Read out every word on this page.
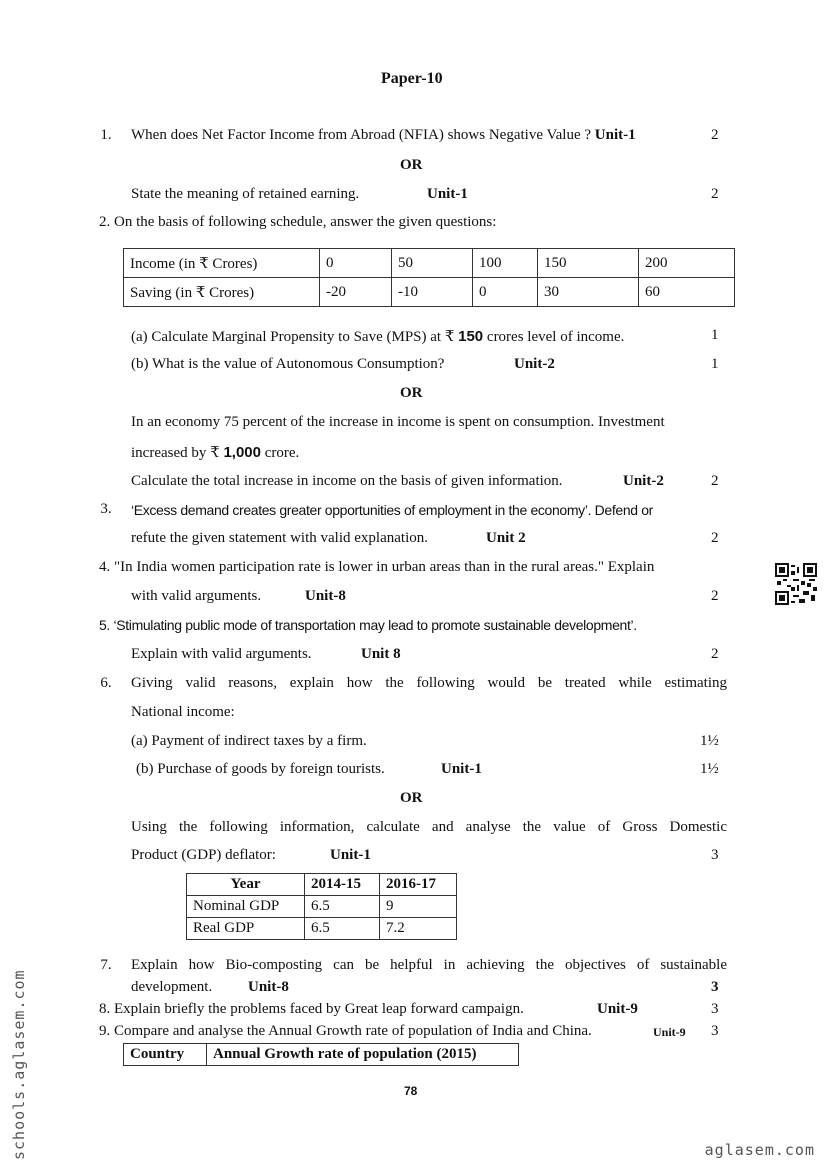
Paper-10
1. When does Net Factor Income from Abroad (NFIA) shows Negative Value ? Unit-1	2
OR
State the meaning of retained earning.	Unit-1	2
2. On the basis of following schedule, answer the given questions:
Income (in ₹ Crores)	0	50	100	150	200
Saving (in ₹ Crores)	-20	-10	0	30	60
(a) Calculate Marginal Propensity to Save (MPS) at ₹ 150 crores level of income.	1
(b) What is the value of Autonomous Consumption?	Unit-2	1
OR
In an economy 75 percent of the increase in income is spent on consumption. Investment
increased by ₹ 1,000 crore.
Calculate the total increase in income on the basis of given information.	Unit-2	2
3.	‘Excess demand creates greater opportunities of employment in the economy’. Defend or
refute the given statement with valid explanation.	Unit 2	2
4. "In India women participation rate is lower in urban areas than in the rural areas." Explain
with valid arguments.	Unit-8	2
5. ‘Stimulating public mode of transportation may lead to promote sustainable development’.
Explain with valid arguments.	Unit 8	2
6. Giving valid reasons, explain how the following would be treated while estimating
National income:
(a) Payment of indirect taxes by a firm.	1½
(b) Purchase of goods by foreign tourists.	Unit-1	1½
OR
Using the following information, calculate and analyse the value of Gross Domestic
Product (GDP) deflator:	Unit-1	3
Year	2014-15	2016-17
Nominal GDP	6.5	9
Real GDP	6.5	7.2
7. Explain how Bio-composting can be helpful in achieving the objectives of sustainable
development. Unit-8	3
8. Explain briefly the problems faced by Great leap forward campaign.	Unit-9	3
9. Compare and analyse the Annual Growth rate of population of India and China.	Unit-9 3
Country	Annual Growth rate of population (2015)
78
schools.aglasem.com	aglasem.com
